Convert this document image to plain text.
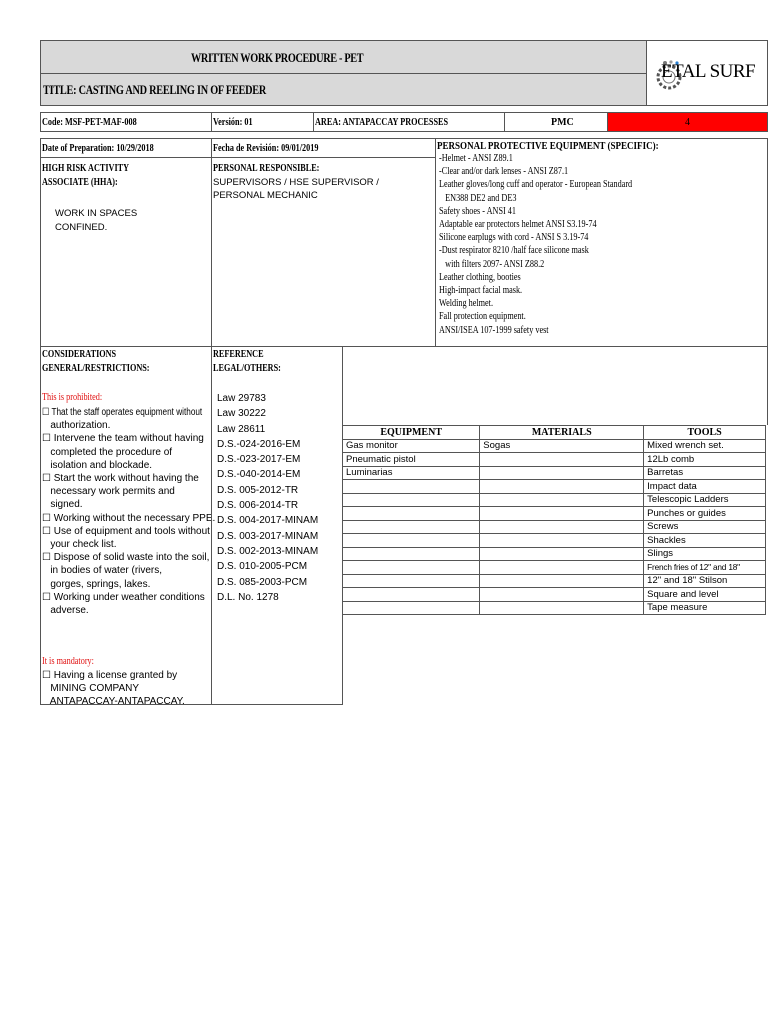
WRITTEN WORK PROCEDURE - PET
TITLE: CASTING AND REELING IN OF FEEDER
ETAL SURF
Code: MSF-PET-MAF-008	Versión: 01	AREA: ANTAPACCAY PROCESSES	PMC	4
Date of Preparation: 10/29/2018	Fecha de Revisión: 09/01/2019
HIGH RISK ACTIVITY
ASSOCIATE (HHA):
WORK IN SPACES
CONFINED.
PERSONAL RESPONSIBLE:
SUPERVISORS / HSE SUPERVISOR /
PERSONAL MECHANIC
PERSONAL PROTECTIVE EQUIPMENT (SPECIFIC):
-Helmet - ANSI Z89.1
-Clear and/or dark lenses - ANSI Z87.1
Leather gloves/long cuff and operator - European Standard
EN388 DE2 and DE3
Safety shoes - ANSI 41
Adaptable ear protectors helmet ANSI S3.19-74
Silicone earplugs with cord - ANSI S 3.19-74
-Dust respirator 8210 /half face silicone mask
with filters 2097- ANSI Z88.2
Leather clothing, booties
High-impact facial mask.
Welding helmet.
Fall protection equipment.
ANSI/ISEA 107-1999 safety vest
CONSIDERATIONS
GENERAL/RESTRICTIONS:
This is prohibited:
☐ That the staff operates equipment without
authorization.
☐ Intervene the team without having
completed the procedure of
isolation and blockade.
☐ Start the work without having the
necessary work permits and
signed.
☐ Working without the necessary PPE.
☐ Use of equipment and tools without
your check list.
☐ Dispose of solid waste into the soil,
in bodies of water (rivers,
gorges, springs, lakes.
☐ Working under weather conditions
adverse.
It is mandatory:
☐ Having a license granted by
MINING COMPANY
ANTAPACCAY-ANTAPACCAY.
REFERENCE
LEGAL/OTHERS:
Law 29783
Law 30222
Law 28611
D.S.-024-2016-EM
D.S.-023-2017-EM
D.S.-040-2014-EM
D.S. 005-2012-TR
D.S. 006-2014-TR
D.S. 004-2017-MINAM
D.S. 003-2017-MINAM
D.S. 002-2013-MINAM
D.S. 010-2005-PCM
D.S. 085-2003-PCM
D.L. No. 1278
EQUIPMENT	MATERIALS	TOOLS
Gas monitor	Sogas	Mixed wrench set.
Pneumatic pistol		12Lb comb
Luminarias		Barretas
		Impact data
		Telescopic Ladders
		Punches or guides
		Screws
		Shackles
		Slings
		French fries of 12" and 18"
		12" and 18" Stilson
		Square and level
		Tape measure
